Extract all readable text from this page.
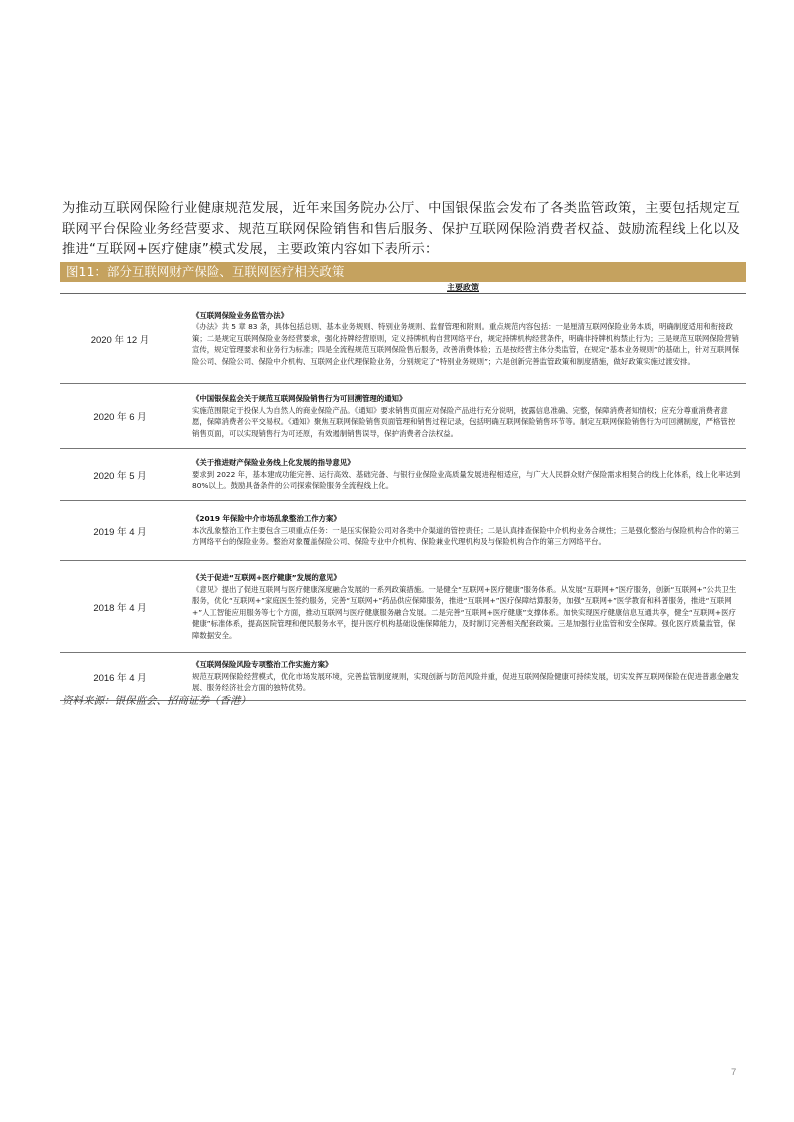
为推动互联网保险行业健康规范发展，近年来国务院办公厅、中国银保监会发布了各类监管政策，主要包括规定互联网平台保险业务经营要求、规范互联网保险销售和售后服务、保护互联网保险消费者权益、鼓励流程线上化以及推进“互联网+医疗健康”模式发展，主要政策内容如下表所示：

图11：部分互联网财产保险、互联网医疗相关政策
	主要政策
2020 年 12 月	《互联网保险业务监管办法》
《办法》共 5 章 83 条，具体包括总则、基本业务规则、特别业务规则、监督管理和附则。重点规范内容包括：一是厘清互联网保险业务本质，明确制度适用和衔接政策；二是规定互联网保险业务经营要求，强化持牌经营原则，定义持牌机构自营网络平台，规定持牌机构经营条件，明确非持牌机构禁止行为；三是规范互联网保险营销宣传，规定管理要求和业务行为标准；四是全流程规范互联网保险售后服务，改善消费体验；五是按经营主体分类监管，在规定“基本业务规则”的基础上，针对互联网保险公司、保险公司、保险中介机构、互联网企业代理保险业务，分别规定了“特别业务规则”；六是创新完善监管政策和制度措施，做好政策实施过渡安排。

2020 年 6 月	《中国银保监会关于规范互联网保险销售行为可回溯管理的通知》
实施范围限定于投保人为自然人的商业保险产品。《通知》要求销售页面应对保险产品进行充分说明，披露信息准确、完整，保障消费者知情权；应充分尊重消费者意愿，保障消费者公平交易权。《通知》聚焦互联网保险销售页面管理和销售过程记录，包括明确互联网保险销售环节等。制定互联网保险销售行为可回溯制度，严格管控销售页面，可以实现销售行为可还原，有效遏制销售误导，保护消费者合法权益。

2020 年 5 月	《关于推进财产保险业务线上化发展的指导意见》
要求到 2022 年，基本建成功能完善、运行高效、基础完备、与银行业保险业高质量发展进程相适应，与广大人民群众财产保险需求相契合的线上化体系，线上化率达到 80%以上。鼓励具备条件的公司探索保险服务全流程线上化。

2019 年 4 月	《2019 年保险中介市场乱象整治工作方案》
本次乱象整治工作主要包含三项重点任务：一是压实保险公司对各类中介渠道的管控责任；二是认真排查保险中介机构业务合规性；三是强化整治与保险机构合作的第三方网络平台的保险业务。整治对象覆盖保险公司、保险专业中介机构、保险兼业代理机构及与保险机构合作的第三方网络平台。

2018 年 4 月	《关于促进“互联网+医疗健康”发展的意见》
《意见》提出了促进互联网与医疗健康深度融合发展的一系列政策措施。一是健全“互联网+医疗健康”服务体系。从发展“互联网+”医疗服务，创新“互联网+”公共卫生服务，优化“互联网+”家庭医生签约服务，完善“互联网+”药品供应保障服务，推进“互联网+”医疗保障结算服务，加强“互联网+”医学教育和科普服务，推进“互联网+”人工智能应用服务等七个方面，推动互联网与医疗健康服务融合发展。二是完善“互联网+医疗健康”支撑体系。加快实现医疗健康信息互通共享，健全“互联网+医疗健康”标准体系，提高医院管理和便民服务水平，提升医疗机构基础设施保障能力，及时制订完善相关配套政策。三是加强行业监管和安全保障。强化医疗质量监管，保障数据安全。

2016 年 4 月	《互联网保险风险专项整治工作实施方案》
规范互联网保险经营模式，优化市场发展环境，完善监管制度规则，实现创新与防范风险并重，促进互联网保险健康可持续发展，切实发挥互联网保险在促进普惠金融发展、服务经济社会方面的独特优势。
资料来源：银保监会、招商证券（香港）
7
